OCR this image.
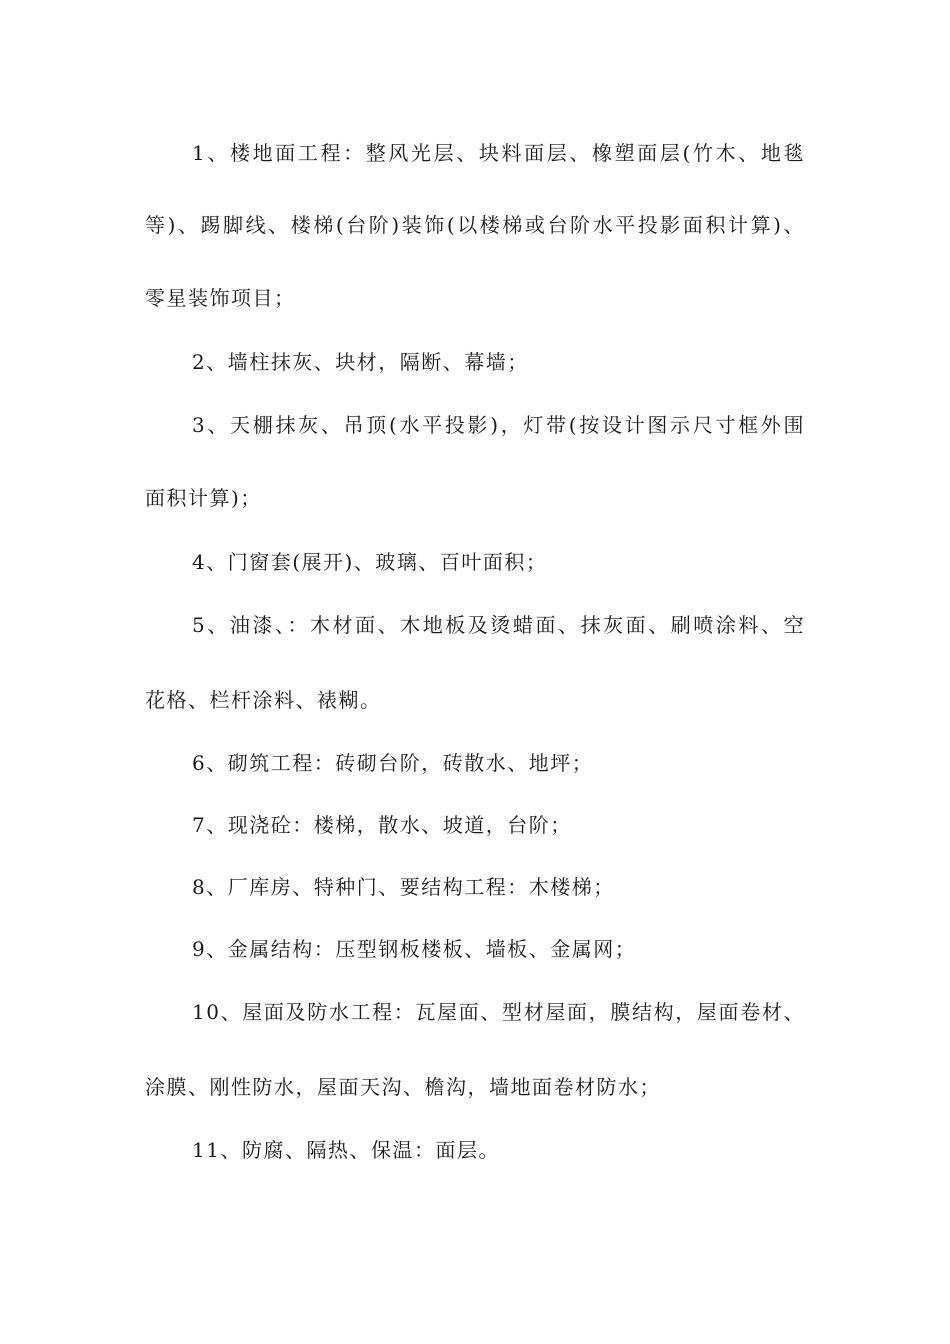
1、楼地面工程：整风光层、块料面层、橡塑面层(竹木、地毯

等)、踢脚线、楼梯(台阶)装饰(以楼梯或台阶水平投影面积计算)、

零星装饰项目；

2、墙柱抹灰、块材，隔断、幕墙；

3、天棚抹灰、吊顶(水平投影)，灯带(按设计图示尺寸框外围

面积计算)；

4、门窗套(展开)、玻璃、百叶面积；

5、油漆、：木材面、木地板及烫蜡面、抹灰面、刷喷涂料、空

花格、栏杆涂料、裱糊。

6、砌筑工程：砖砌台阶，砖散水、地坪；

7、现浇砼：楼梯，散水、坡道，台阶；

8、厂库房、特种门、要结构工程：木楼梯；

9、金属结构：压型钢板楼板、墙板、金属网；

10、屋面及防水工程：瓦屋面、型材屋面，膜结构，屋面卷材、

涂膜、刚性防水，屋面天沟、檐沟，墙地面卷材防水；

11、防腐、隔热、保温：面层。
